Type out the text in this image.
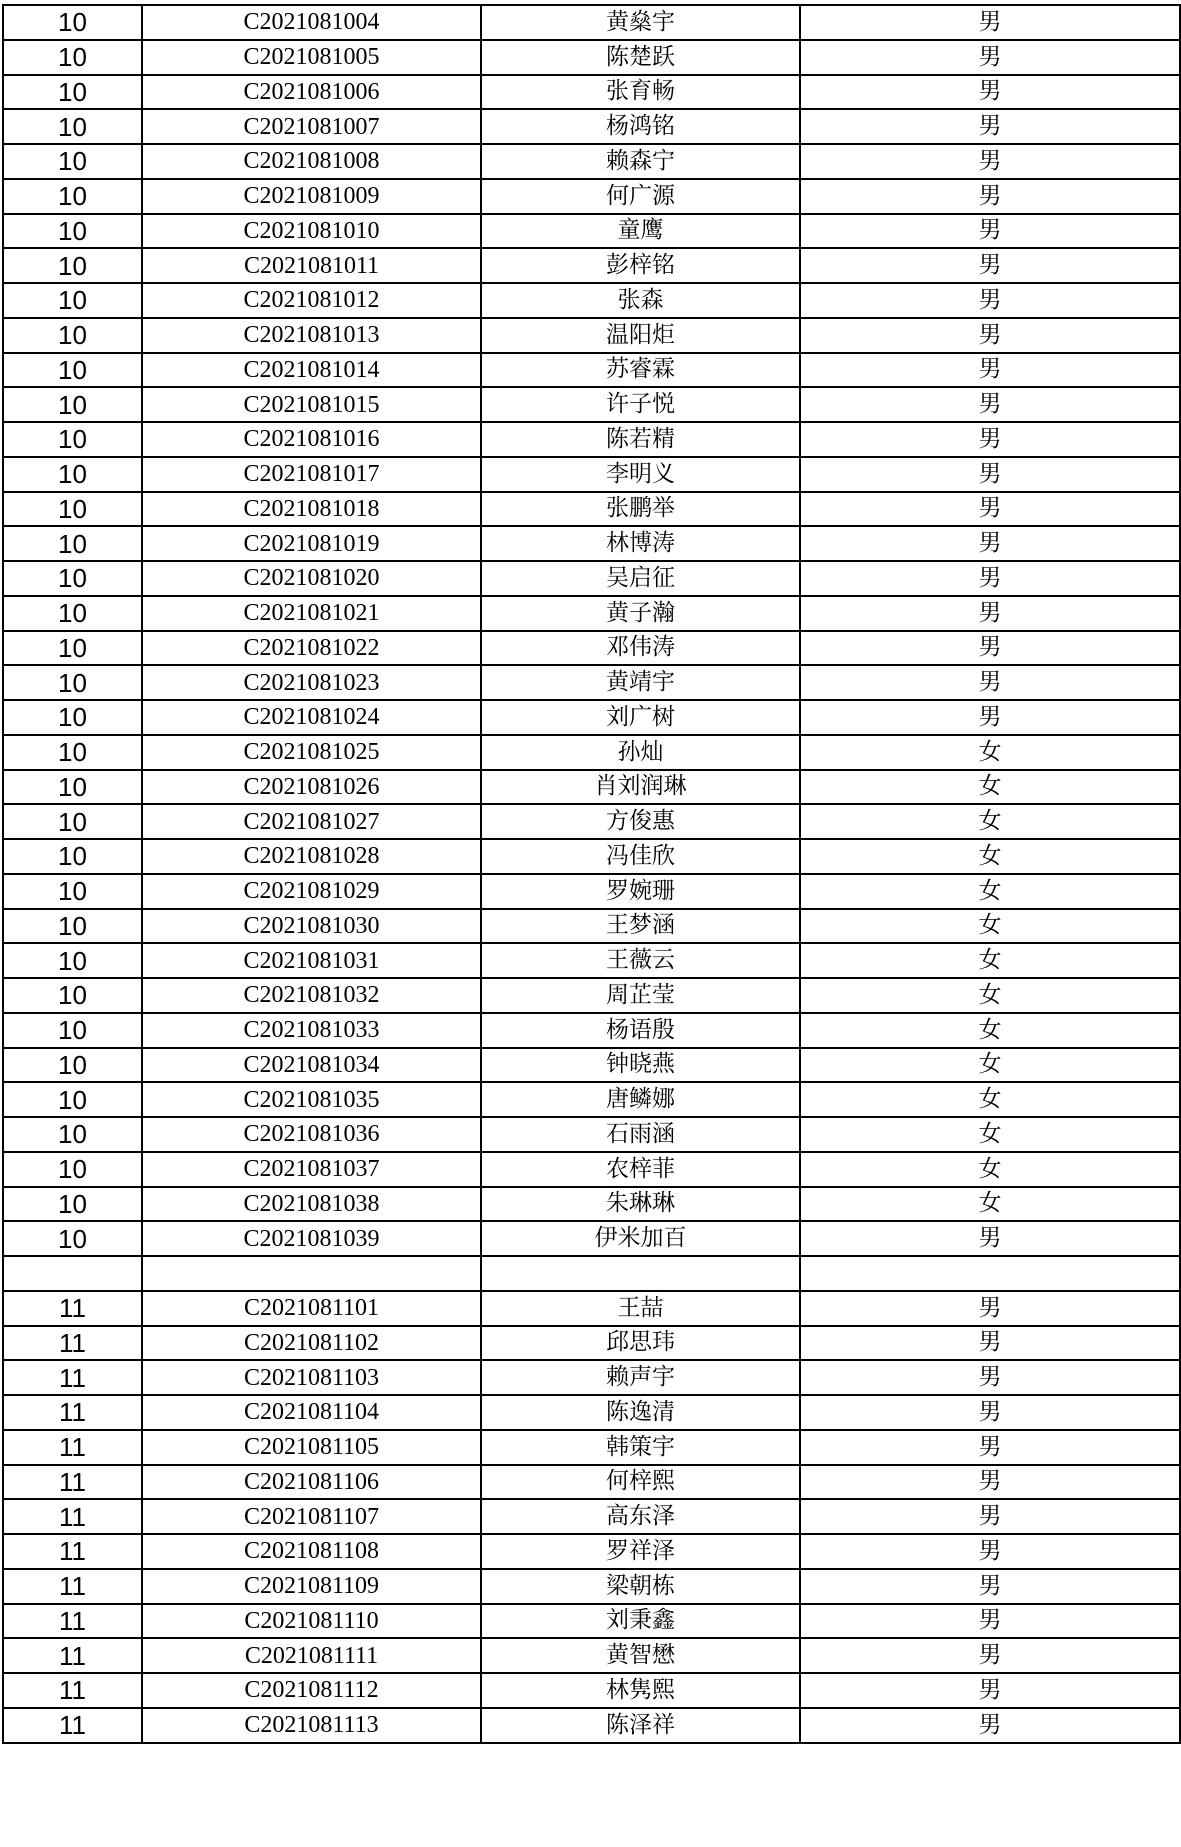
10	C2021081004	黄燊宇	男
10	C2021081005	陈楚跃	男
10	C2021081006	张育畅	男
10	C2021081007	杨鸿铭	男
10	C2021081008	赖森宁	男
10	C2021081009	何广源	男
10	C2021081010	童鹰	男
10	C2021081011	彭梓铭	男
10	C2021081012	张森	男
10	C2021081013	温阳炬	男
10	C2021081014	苏睿霖	男
10	C2021081015	许子悦	男
10	C2021081016	陈若精	男
10	C2021081017	李明义	男
10	C2021081018	张鹏举	男
10	C2021081019	林博涛	男
10	C2021081020	吴启征	男
10	C2021081021	黄子瀚	男
10	C2021081022	邓伟涛	男
10	C2021081023	黄靖宇	男
10	C2021081024	刘广树	男
10	C2021081025	孙灿	女
10	C2021081026	肖刘润琳	女
10	C2021081027	方俊惠	女
10	C2021081028	冯佳欣	女
10	C2021081029	罗婉珊	女
10	C2021081030	王梦涵	女
10	C2021081031	王薇云	女
10	C2021081032	周芷莹	女
10	C2021081033	杨语殷	女
10	C2021081034	钟晓燕	女
10	C2021081035	唐鳞娜	女
10	C2021081036	石雨涵	女
10	C2021081037	农梓菲	女
10	C2021081038	朱琳琳	女
10	C2021081039	伊米加百	男

11	C2021081101	王喆	男
11	C2021081102	邱思玮	男
11	C2021081103	赖声宇	男
11	C2021081104	陈逸清	男
11	C2021081105	韩策宇	男
11	C2021081106	何梓熙	男
11	C2021081107	高东泽	男
11	C2021081108	罗祥泽	男
11	C2021081109	梁朝栋	男
11	C2021081110	刘秉鑫	男
11	C2021081111	黄智懋	男
11	C2021081112	林隽熙	男
11	C2021081113	陈泽祥	男
